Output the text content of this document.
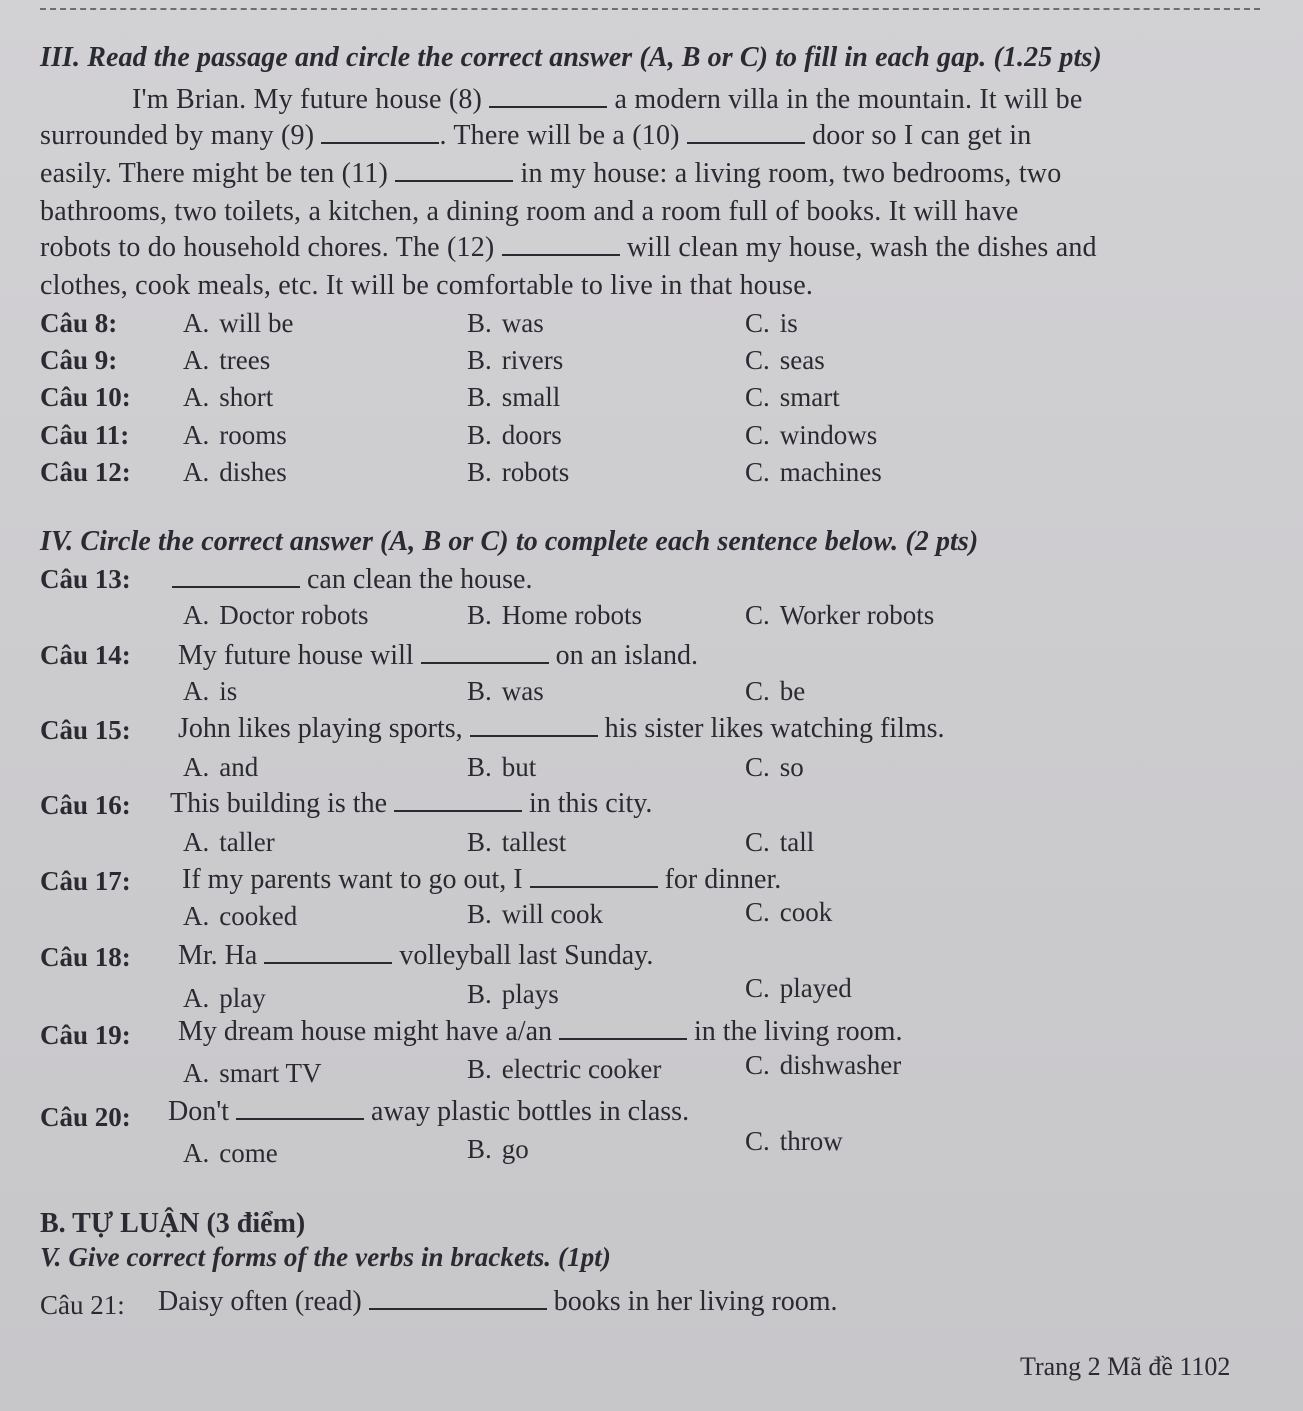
III. Read the passage and circle the correct answer (A, B or C) to fill in each gap. (1.25 pts)
I'm Brian. My future house (8)	a modern villa in the mountain. It will be
surrounded by many (9)	. There will be a (10)	door so I can get in
easily. There might be ten (11)	in my house: a living room, two bedrooms, two
bathrooms, two toilets, a kitchen, a dining room and a room full of books. It will have
robots to do household chores. The (12)	will clean my house, wash the dishes and
clothes, cook meals, etc. It will be comfortable to live in that house.
Câu 8: A. will be	B. was	C. is
Câu 9: A. trees	B. rivers	C. seas
Câu 10: A. short	B. small	C. smart
Câu 11: A. rooms	B. doors	C. windows
Câu 12: A. dishes	B. robots	C. machines
IV. Circle the correct answer (A, B or C) to complete each sentence below. (2 pts)
Câu 13:	can clean the house.
A. Doctor robots	B. Home robots	C. Worker robots
Câu 14: My future house will	on an island.
A. is	B. was	C. be
Câu 15: John likes playing sports,	his sister likes watching films.
A. and	B. but	C. so
Câu 16: This building is the	in this city.
A. taller	B. tallest	C. tall
Câu 17: If my parents want to go out, I	for dinner.
A. cooked	B. will cook	C. cook
Câu 18: Mr. Ha	volleyball last Sunday.
A. play	B. plays	C. played
Câu 19: My dream house might have a/an	in the living room.
A. smart TV	B. electric cooker	C. dishwasher
Câu 20: Don't	away plastic bottles in class.
A. come	B. go	C. throw
B. TỰ LUẬN (3 điểm)
V. Give correct forms of the verbs in brackets. (1pt)
Câu 21: Daisy often (read)	books in her living room.
Trang 2 Mã đề 1102
